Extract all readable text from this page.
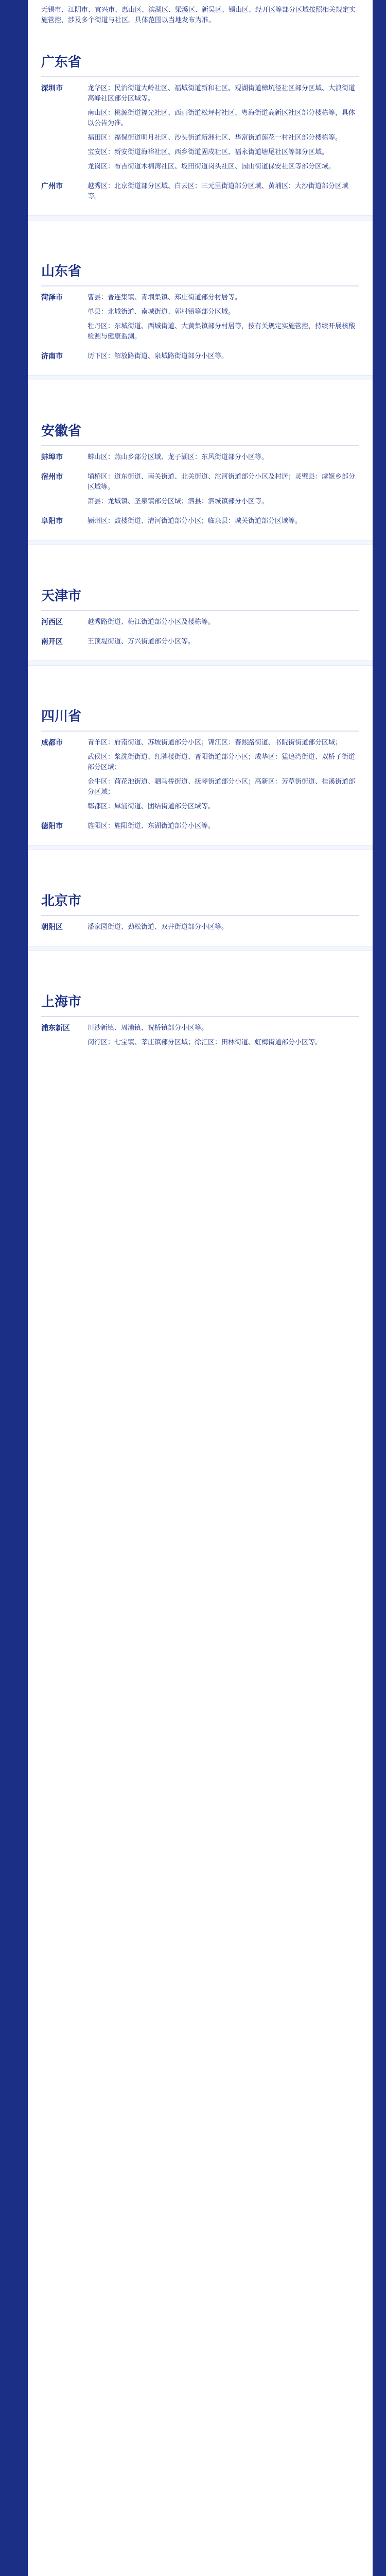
无锡市、江阴市、宜兴市、惠山区、滨湖区、梁溪区、新吴区、锡山区、经开区等部分区域按照相关规定实施管控，涉及多个街道与社区。具体范围以当地发布为准。
广东省
深圳市	龙华区：民治街道大岭社区、福城街道新和社区、观湖街道樟坑径社区部分区域、大浪街道高峰社区部分区域等。

南山区：桃源街道福光社区、西丽街道松坪村社区、粤海街道高新区社区部分楼栋等，具体以公告为准。

福田区：福保街道明月社区、沙头街道新洲社区、华富街道莲花一村社区部分楼栋等。

宝安区：新安街道海裕社区、西乡街道固戍社区、福永街道塘尾社区等部分区域。

龙岗区：布吉街道木棉湾社区、坂田街道岗头社区、园山街道保安社区等部分区域。

广州市	越秀区：北京街道部分区域、白云区：三元里街道部分区域、黄埔区：大沙街道部分区域等。

山东省
菏泽市	曹县：普连集镇、青堌集镇、郑庄街道部分村居等。

单县：北城街道、南城街道、郭村镇等部分区域。

牡丹区：东城街道、西城街道、大黄集镇部分村居等，按有关规定实施管控，持续开展核酸检测与健康监测。

济南市	历下区：解放路街道、泉城路街道部分小区等。

安徽省
蚌埠市	蚌山区：燕山乡部分区域、龙子湖区：东风街道部分小区等。

宿州市	埇桥区：道东街道、南关街道、北关街道、沱河街道部分小区及村居；灵璧县：虞姬乡部分区域等。

萧县：龙城镇、圣泉镇部分区域；泗县：泗城镇部分小区等。

阜阳市	颍州区：鼓楼街道、清河街道部分小区；临泉县：城关街道部分区域等。

天津市
河西区	越秀路街道、梅江街道部分小区及楼栋等。

南开区	王顶堤街道、万兴街道部分小区等。

四川省
成都市	青羊区：府南街道、苏坡街道部分小区；锦江区：春熙路街道、书院街街道部分区域；

武侯区：浆洗街街道、红牌楼街道、晋阳街道部分小区；成华区：猛追湾街道、双桥子街道部分区域；

金牛区：荷花池街道、驷马桥街道、抚琴街道部分小区；高新区：芳草街街道、桂溪街道部分区域；

郫都区：犀浦街道、团结街道部分区域等。

德阳市	旌阳区：旌阳街道、东湖街道部分小区等。

北京市
朝阳区	潘家园街道、劲松街道、双井街道部分小区等。

上海市
浦东新区	川沙新镇、周浦镇、祝桥镇部分小区等。

闵行区：七宝镇、莘庄镇部分区域；徐汇区：田林街道、虹梅街道部分小区等。
